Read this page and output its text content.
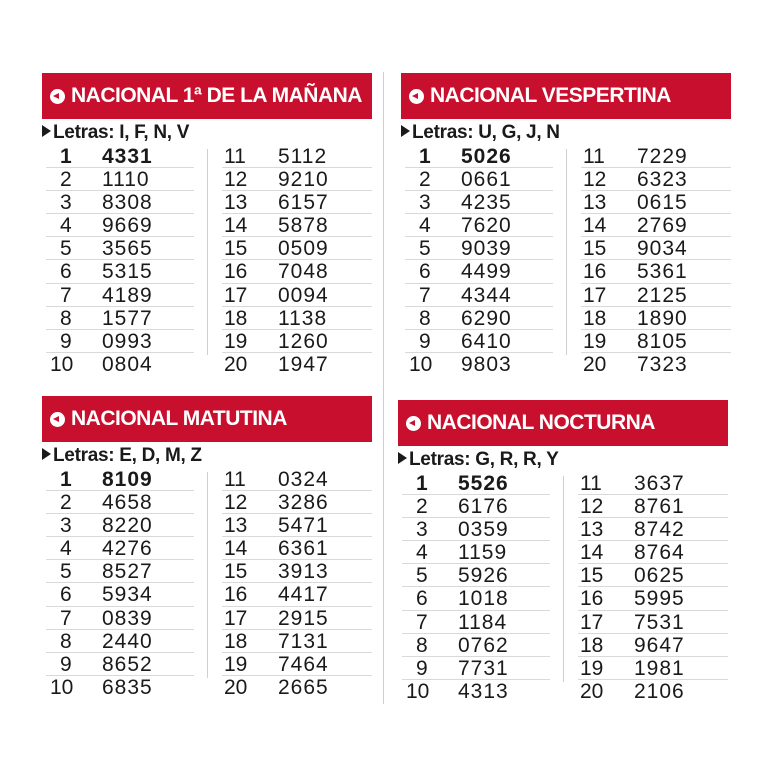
NACIONAL 1ª DE LA MAÑANA
Letras: I, F, N, V
1	4331
2	1110
3	8308
4	9669
5	3565
6	5315
7	4189
8	1577
9	0993
10	0804
11	5112
12	9210
13	6157
14	5878
15	0509
16	7048
17	0094
18	1138
19	1260
20	1947
NACIONAL VESPERTINA
Letras: U, G, J, N
1	5026
2	0661
3	4235
4	7620
5	9039
6	4499
7	4344
8	6290
9	6410
10	9803
11	7229
12	6323
13	0615
14	2769
15	9034
16	5361
17	2125
18	1890
19	8105
20	7323
NACIONAL MATUTINA
Letras: E, D, M, Z
1	8109
2	4658
3	8220
4	4276
5	8527
6	5934
7	0839
8	2440
9	8652
10	6835
11	0324
12	3286
13	5471
14	6361
15	3913
16	4417
17	2915
18	7131
19	7464
20	2665
NACIONAL NOCTURNA
Letras: G, R, R, Y
1	5526
2	6176
3	0359
4	1159
5	5926
6	1018
7	1184
8	0762
9	7731
10	4313
11	3637
12	8761
13	8742
14	8764
15	0625
16	5995
17	7531
18	9647
19	1981
20	2106
